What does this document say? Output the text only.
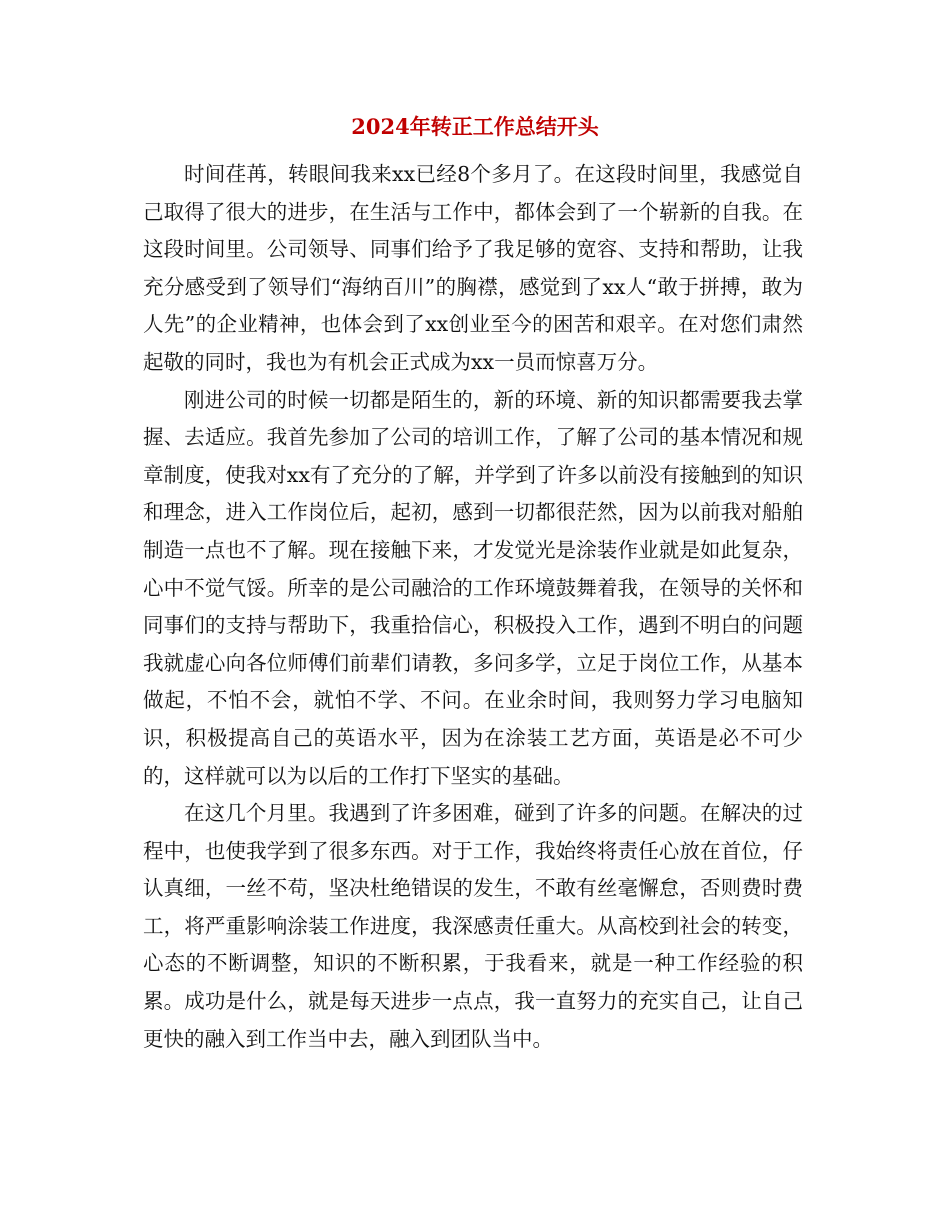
2024年转正工作总结开头

时间荏苒，转眼间我来xx已经8个多月了。在这段时间里，我感觉自己取得了很大的进步，在生活与工作中，都体会到了一个崭新的自我。在这段时间里。公司领导、同事们给予了我足够的宽容、支持和帮助，让我充分感受到了领导们“海纳百川”的胸襟，感觉到了xx人“敢于拼搏，敢为人先”的企业精神，也体会到了xx创业至今的困苦和艰辛。在对您们肃然起敬的同时，我也为有机会正式成为xx一员而惊喜万分。

刚进公司的时候一切都是陌生的，新的环境、新的知识都需要我去掌握、去适应。我首先参加了公司的培训工作，了解了公司的基本情况和规章制度，使我对xx有了充分的了解，并学到了许多以前没有接触到的知识和理念，进入工作岗位后，起初，感到一切都很茫然，因为以前我对船舶制造一点也不了解。现在接触下来，才发觉光是涂装作业就是如此复杂，心中不觉气馁。所幸的是公司融洽的工作环境鼓舞着我，在领导的关怀和同事们的支持与帮助下，我重拾信心，积极投入工作，遇到不明白的问题我就虚心向各位师傅们前辈们请教，多问多学，立足于岗位工作，从基本做起，不怕不会，就怕不学、不问。在业余时间，我则努力学习电脑知识，积极提高自己的英语水平，因为在涂装工艺方面，英语是必不可少的，这样就可以为以后的工作打下坚实的基础。

在这几个月里。我遇到了许多困难，碰到了许多的问题。在解决的过程中，也使我学到了很多东西。对于工作，我始终将责任心放在首位，仔认真细，一丝不苟，坚决杜绝错误的发生，不敢有丝毫懈怠，否则费时费工，将严重影响涂装工作进度，我深感责任重大。从高校到社会的转变，心态的不断调整，知识的不断积累，于我看来，就是一种工作经验的积累。成功是什么，就是每天进步一点点，我一直努力的充实自己，让自己更快的融入到工作当中去，融入到团队当中。
